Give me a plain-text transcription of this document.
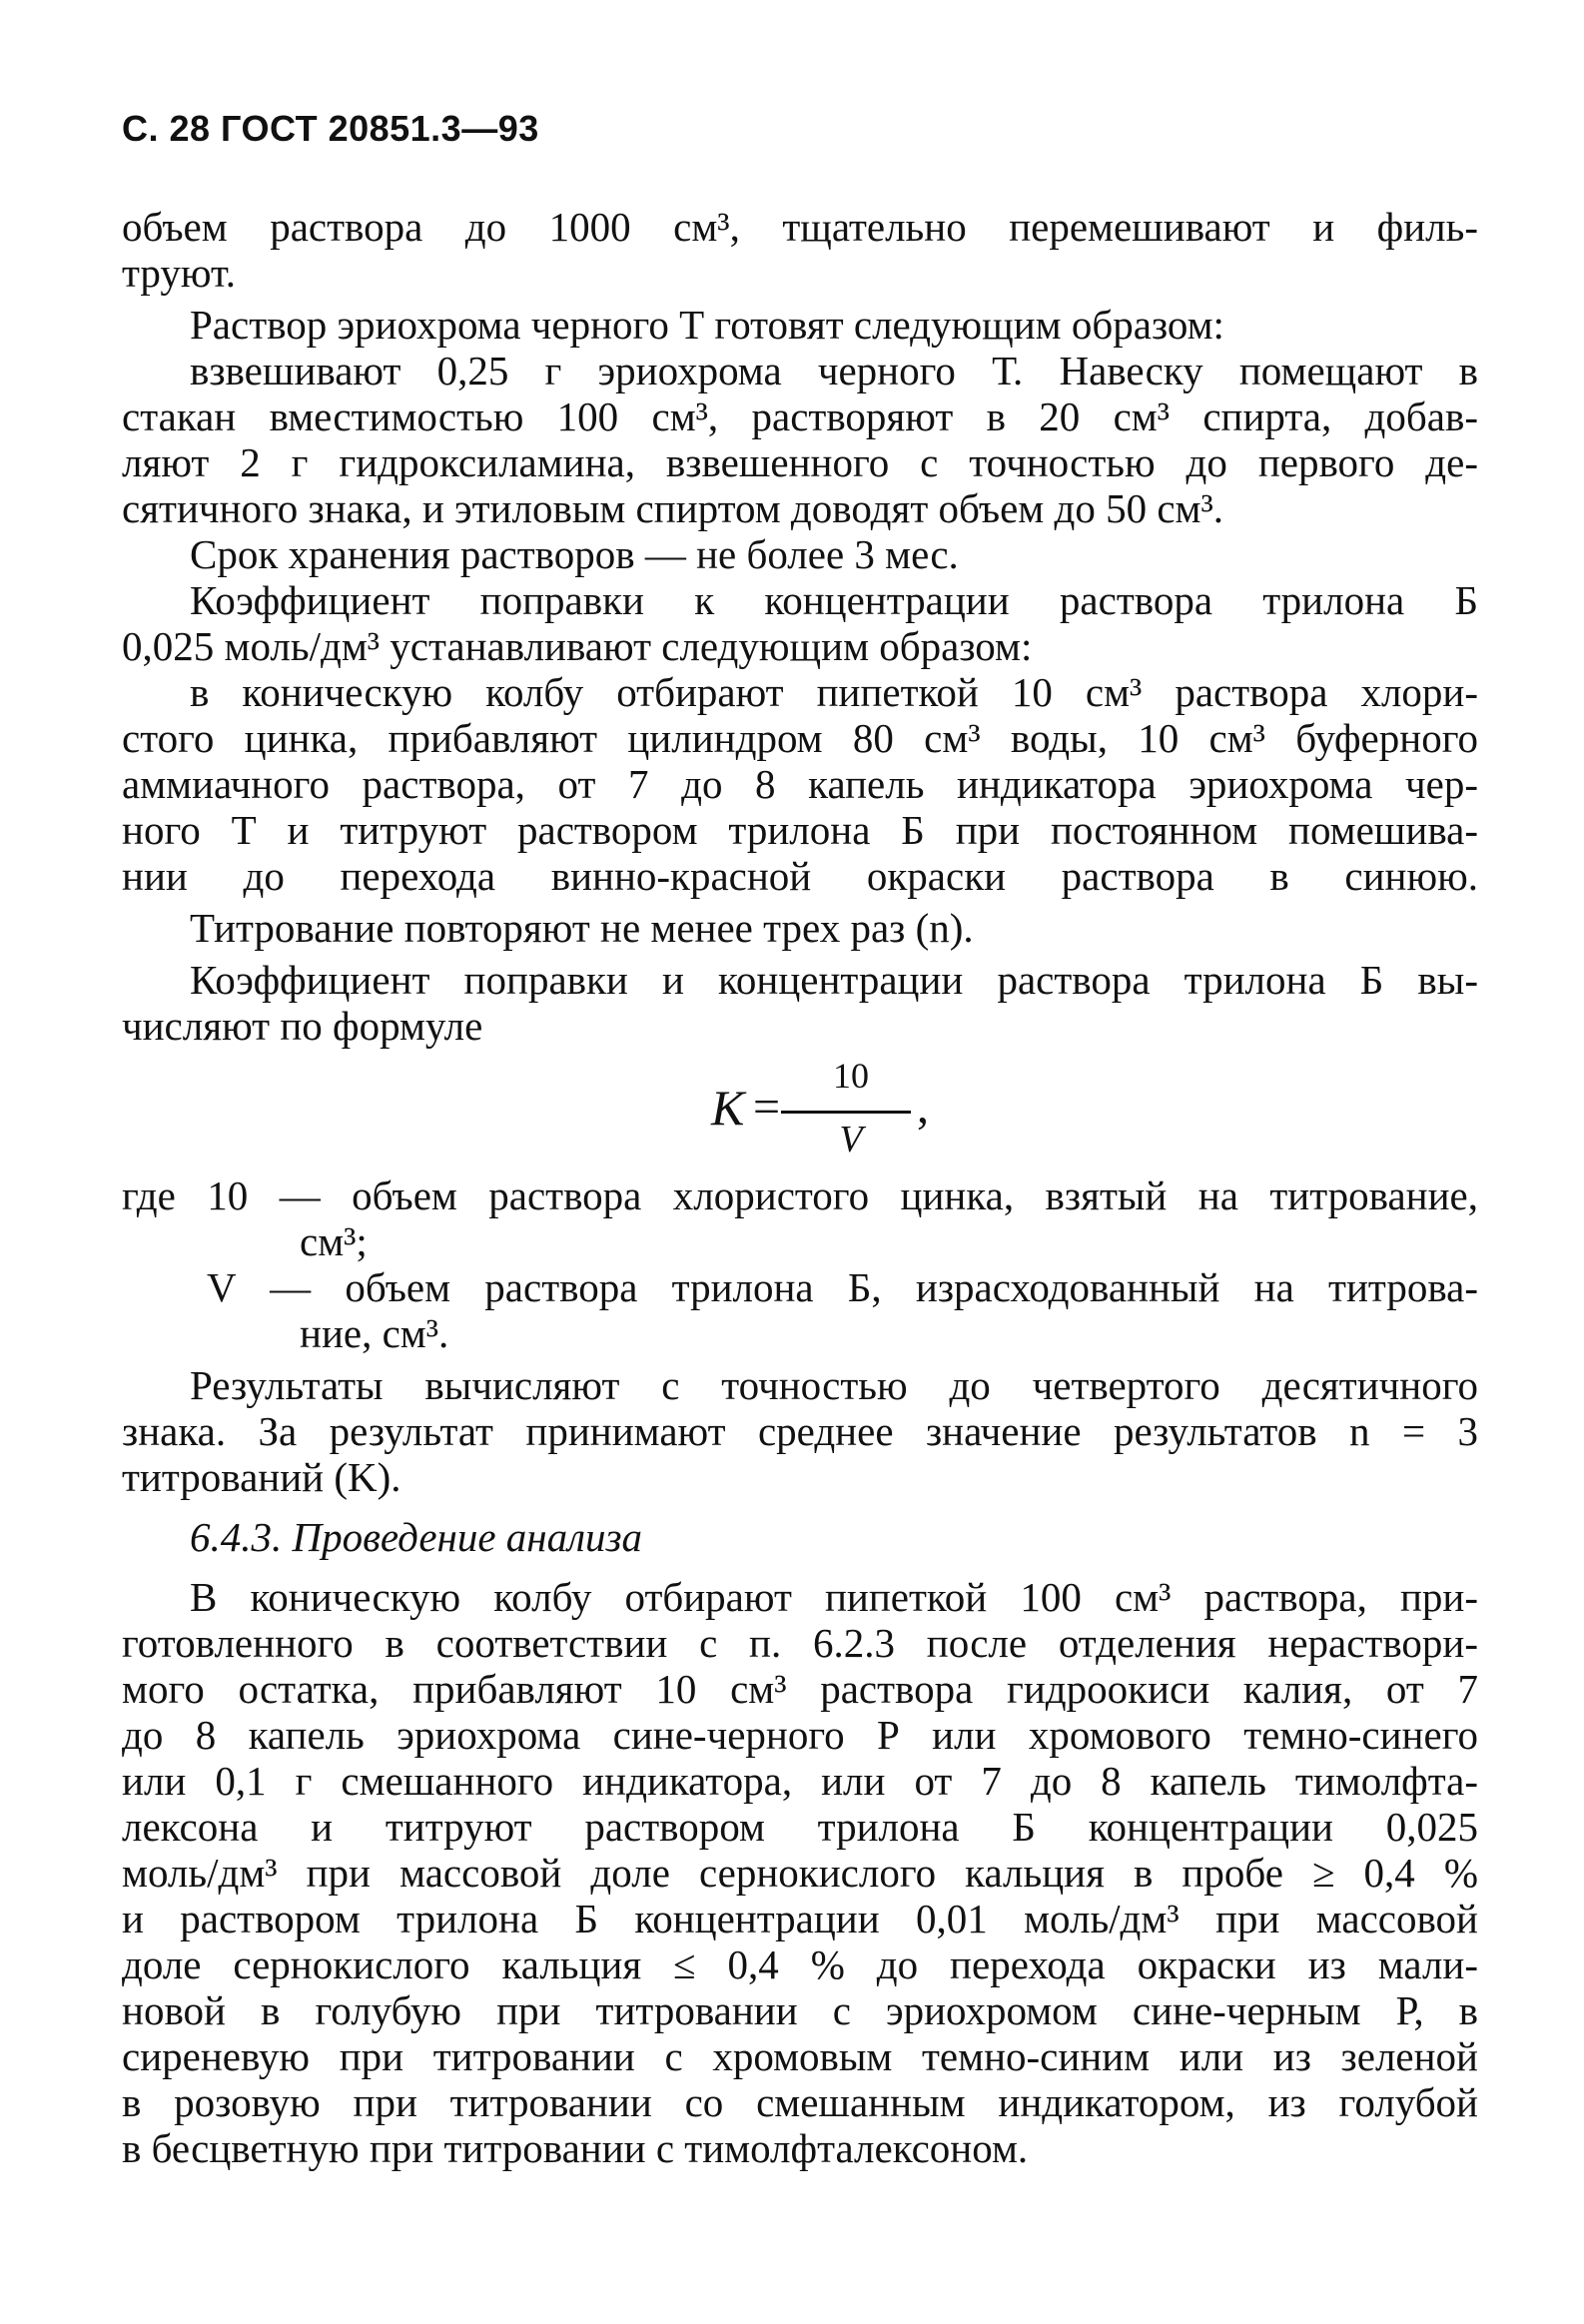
С. 28 ГОСТ 20851.3—93
объем раствора до 1000 см³, тщательно перемешивают и филь-
труют.
Раствор эриохрома черного Т готовят следующим образом:
взвешивают 0,25 г эриохрома черного Т. Навеску помещают в
стакан вместимостью 100 см³, растворяют в 20 см³ спирта, добав-
ляют 2 г гидроксиламина, взвешенного с точностью до первого де-
сятичного знака, и этиловым спиртом доводят объем до 50 см³.
Срок хранения растворов — не более 3 мес.
Коэффициент поправки к концентрации раствора трилона Б
0,025 моль/дм³ устанавливают следующим образом:
в коническую колбу отбирают пипеткой 10 см³ раствора хлори-
стого цинка, прибавляют цилиндром 80 см³ воды, 10 см³ буферного
аммиачного раствора, от 7 до 8 капель индикатора эриохрома чер-
ного Т и титруют раствором трилона Б при постоянном помешива-
нии до перехода винно-красной окраски раствора в синюю.
Титрование повторяют не менее трех раз (n).
Коэффициент поправки и концентрации раствора трилона Б вы-
числяют по формуле
K =
10
V
,
где 10 — объем раствора хлористого цинка, взятый на титрование,
см³;
V — объем раствора трилона Б, израсходованный на титрова-
ние, см³.
Результаты вычисляют с точностью до четвертого десятичного
знака. За результат принимают среднее значение результатов n = 3
титрований (K).
6.4.3. Проведение анализа
В коническую колбу отбирают пипеткой 100 см³ раствора, при-
готовленного в соответствии с п. 6.2.3 после отделения нераствори-
мого остатка, прибавляют 10 см³ раствора гидроокиси калия, от 7
до 8 капель эриохрома сине-черного Р или хромового темно-синего
или 0,1 г смешанного индикатора, или от 7 до 8 капель тимолфта-
лексона и титруют раствором трилона Б концентрации 0,025
моль/дм³ при массовой доле сернокислого кальция в пробе ≥ 0,4 %
и раствором трилона Б концентрации 0,01 моль/дм³ при массовой
доле сернокислого кальция ≤ 0,4 % до перехода окраски из мали-
новой в голубую при титровании с эриохромом сине-черным Р, в
сиреневую при титровании с хромовым темно-синим или из зеленой
в розовую при титровании со смешанным индикатором, из голубой
в бесцветную при титровании с тимолфталексоном.
